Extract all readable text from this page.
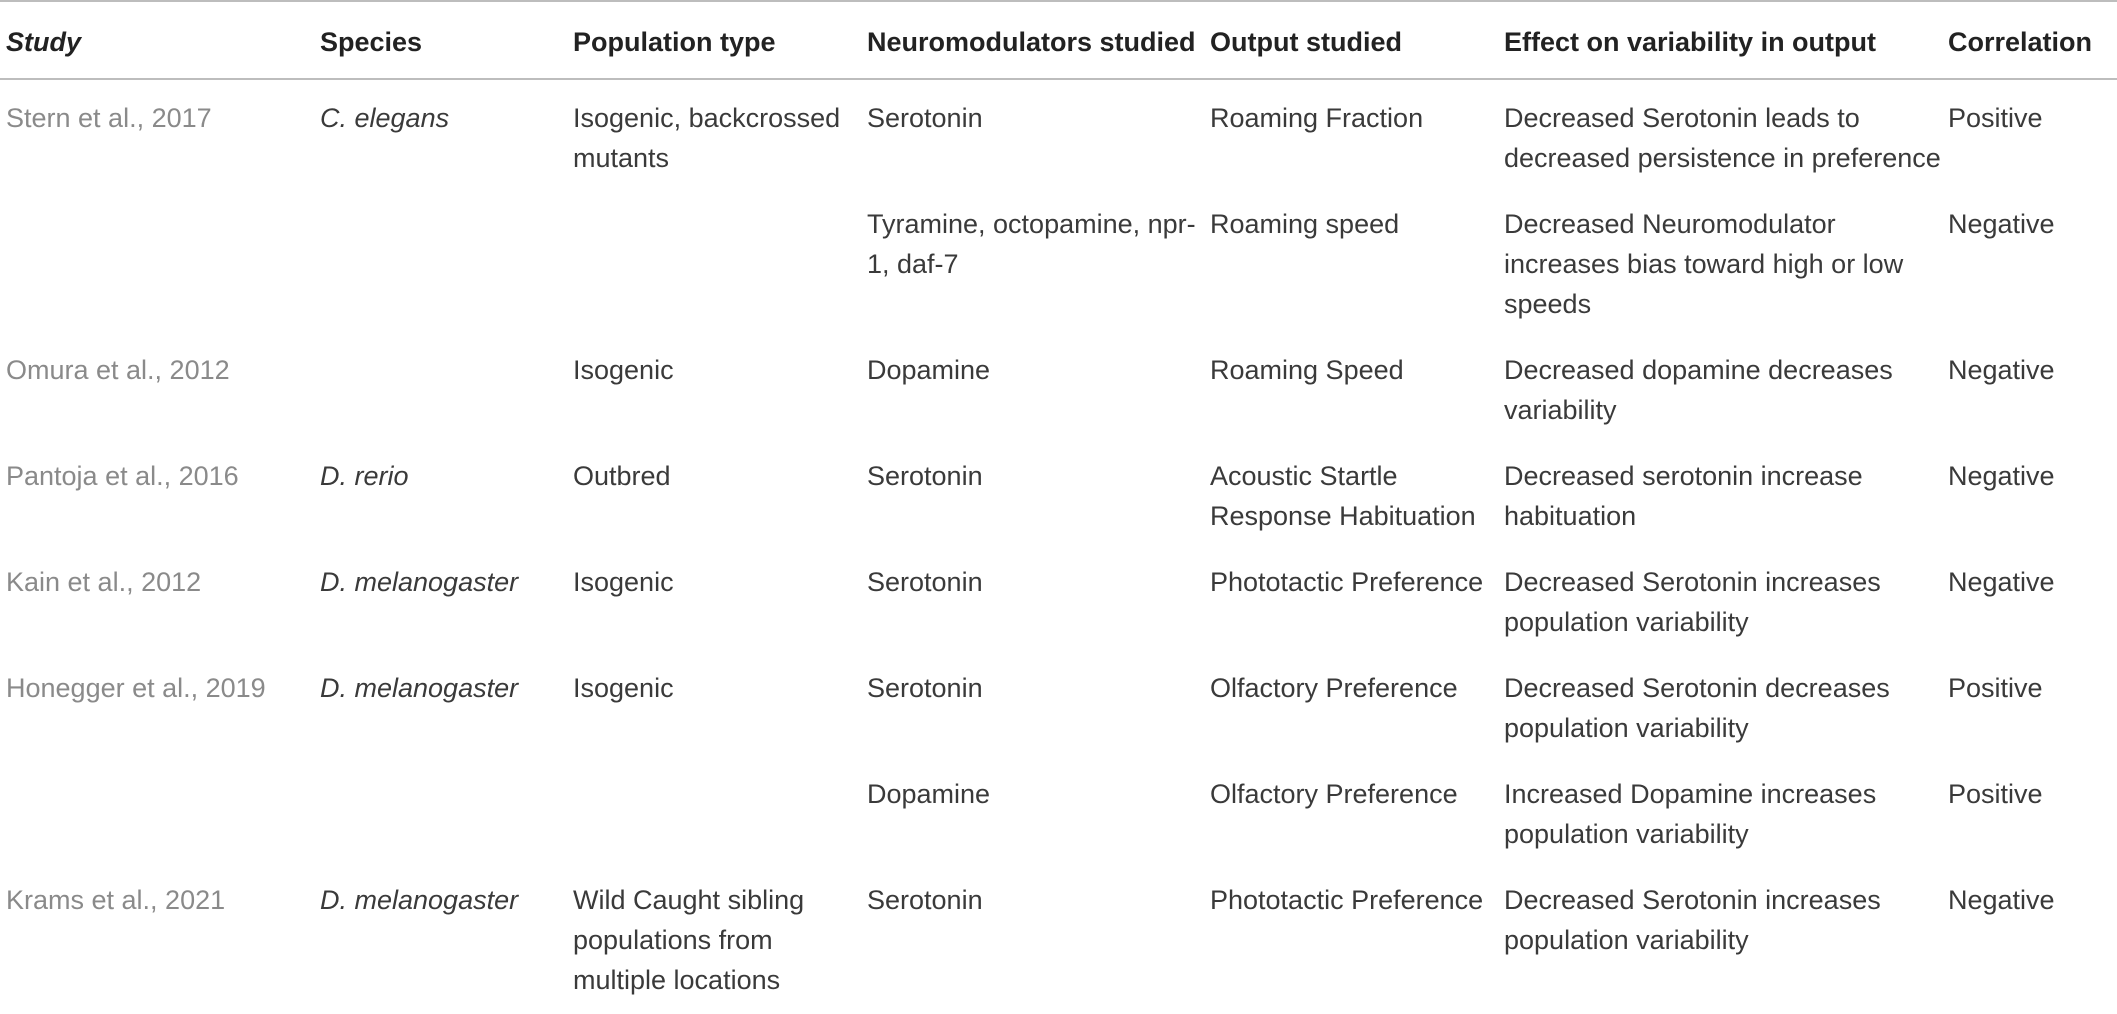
Study	Species	Population type	Neuromodulators studied	Output studied	Effect on variability in output	Correlation
Stern et al., 2017	C. elegans	Isogenic, backcrossed mutants	Serotonin	Roaming Fraction	Decreased Serotonin leads to decreased persistence in preference	Positive
			Tyramine, octopamine, npr-1, daf-7	Roaming speed	Decreased Neuromodulator increases bias toward high or low speeds	Negative
Omura et al., 2012		Isogenic	Dopamine	Roaming Speed	Decreased dopamine decreases variability	Negative
Pantoja et al., 2016	D. rerio	Outbred	Serotonin	Acoustic Startle Response Habituation	Decreased serotonin increase habituation	Negative
Kain et al., 2012	D. melanogaster	Isogenic	Serotonin	Phototactic Preference	Decreased Serotonin increases population variability	Negative
Honegger et al., 2019	D. melanogaster	Isogenic	Serotonin	Olfactory Preference	Decreased Serotonin decreases population variability	Positive
			Dopamine	Olfactory Preference	Increased Dopamine increases population variability	Positive
Krams et al., 2021	D. melanogaster	Wild Caught sibling populations from multiple locations	Serotonin	Phototactic Preference	Decreased Serotonin increases population variability	Negative
